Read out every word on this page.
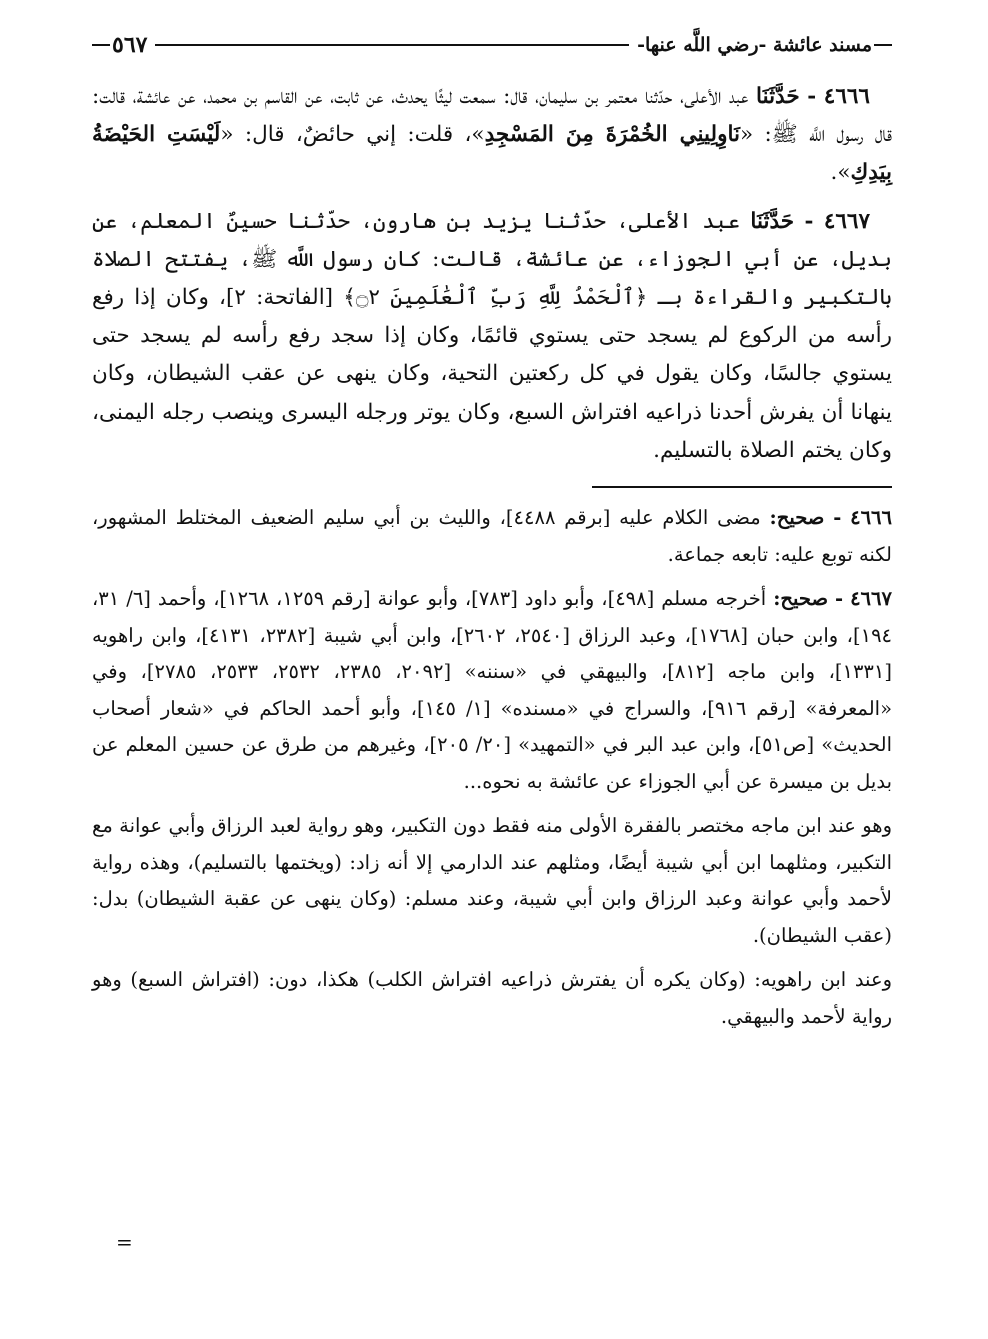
مسند عائشة -رضي اللَّه عنها-
٥٦٧

٤٦٦٦ - حَدَّثَنَا عبد الأعلى، حدّثنا معتمر بن سليمان، قال: سمعت ليثًا يحدث، عن ثابت، عن القاسم بن محمد، عن عائشة، قالت: قال رسول اللَّه ﷺ: «نَاوِلِينِي الخُمْرَةَ مِنَ المَسْجِدِ»، قلت: إني حائضٌ، قال: «لَيْسَتِ الحَيْضَةُ بِيَدِكِ».

٤٦٦٧ - حَدَّثَنَا عبد الأعلى، حدّثنا يزيد بن هارون، حدّثنا حسينٌ المعلم، عن بديل، عن أبي الجوزاء، عن عائشة، قالت: كان رسول اللَّه ﷺ، يفتتح الصلاة بالتكبير والقراءة بـ ﴿ٱلْحَمْدُ لِلَّهِ رَبِّ ٱلْعَٰلَمِينَ ۝٢﴾ [الفاتحة: ٢]، وكان إذا رفع رأسه من الركوع لم يسجد حتى يستوي قائمًا، وكان إذا سجد رفع رأسه لم يسجد حتى يستوي جالسًا، وكان يقول في كل ركعتين التحية، وكان ينهى عن عقب الشيطان، وكان ينهانا أن يفرش أحدنا ذراعيه افتراش السبع، وكان يوتر ورجله اليسرى وينصب رجله اليمنى، وكان يختم الصلاة بالتسليم.

٤٦٦٦ - صحيح: مضى الكلام عليه [برقم ٤٤٨٨]، والليث بن أبي سليم الضعيف المختلط المشهور، لكنه توبع عليه: تابعه جماعة.

٤٦٦٧ - صحيح: أخرجه مسلم [٤٩٨]، وأبو داود [٧٨٣]، وأبو عوانة [رقم ١٢٥٩، ١٢٦٨]، وأحمد [٦/ ٣١، ١٩٤]، وابن حبان [١٧٦٨]، وعبد الرزاق [٢٥٤٠، ٢٦٠٢]، وابن أبي شيبة [٢٣٨٢، ٤١٣١]، وابن راهويه [١٣٣١]، وابن ماجه [٨١٢]، والبيهقي في «سننه» [٢٠٩٢، ٢٣٨٥، ٢٥٣٢، ٢٥٣٣، ٢٧٨٥]، وفي «المعرفة» [رقم ٩١٦]، والسراج في «مسنده» [١/ ١٤٥]، وأبو أحمد الحاكم في «شعار أصحاب الحديث» [ص٥١]، وابن عبد البر في «التمهيد» [٢٠/ ٢٠٥]، وغيرهم من طرق عن حسين المعلم عن بديل بن ميسرة عن أبي الجوزاء عن عائشة به نحوه...

وهو عند ابن ماجه مختصر بالفقرة الأولى منه فقط دون التكبير، وهو رواية لعبد الرزاق وأبي عوانة مع التكبير، ومثلهما ابن أبي شيبة أيضًا، ومثلهم عند الدارمي إلا أنه زاد: (ويختمها بالتسليم)، وهذه رواية لأحمد وأبي عوانة وعبد الرزاق وابن أبي شيبة، وعند مسلم: (وكان ينهى عن عقبة الشيطان) بدل: (عقب الشيطان).

وعند ابن راهويه: (وكان يكره أن يفترش ذراعيه افتراش الكلب) هكذا، دون: (افتراش السبع) وهو رواية لأحمد والبيهقي.

=
